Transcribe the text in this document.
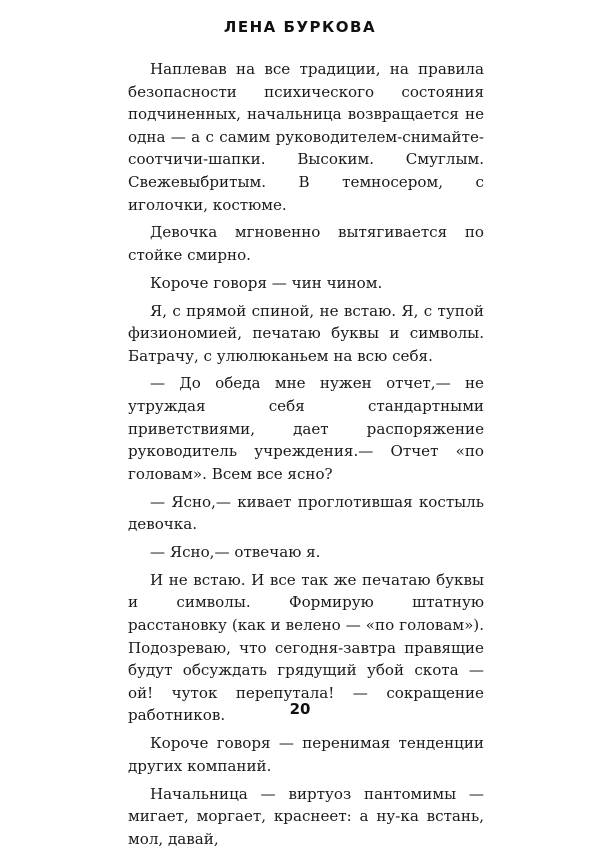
ЛЕНА БУРКОВА

Наплевав на все традиции, на правила безопасности психического состояния подчиненных, начальница возвращается не одна — а с самим руководителем-снимайте-соотчичи-шапки. Высоким. Смуглым. Свежевыбритым. В темносером, с иголочки, костюме.

Девочка мгновенно вытягивается по стойке смирно.

Короче говоря — чин чином.

Я, с прямой спиной, не встаю. Я, с тупой физиономией, печатаю буквы и символы. Батрачу, с улюлюканьем на всю себя.

— До обеда мне нужен отчет,— не утруждая себя стандартными приветствиями, дает распоряжение руководитель учреждения.— Отчет «по головам». Всем все ясно?

— Ясно,— кивает проглотившая костыль девочка.

— Ясно,— отвечаю я.

И не встаю. И все так же печатаю буквы и символы. Формирую штатную расстановку (как и велено — «по головам»). Подозреваю, что сегодня-завтра правящие будут обсуждать грядущий убой скота — ой! чуток перепутала! — сокращение работников.

Короче говоря — перенимая тенденции других компаний.

Начальница — виртуоз пантомимы — мигает, моргает, краснеет: а ну-ка встань, мол, давай,

20
